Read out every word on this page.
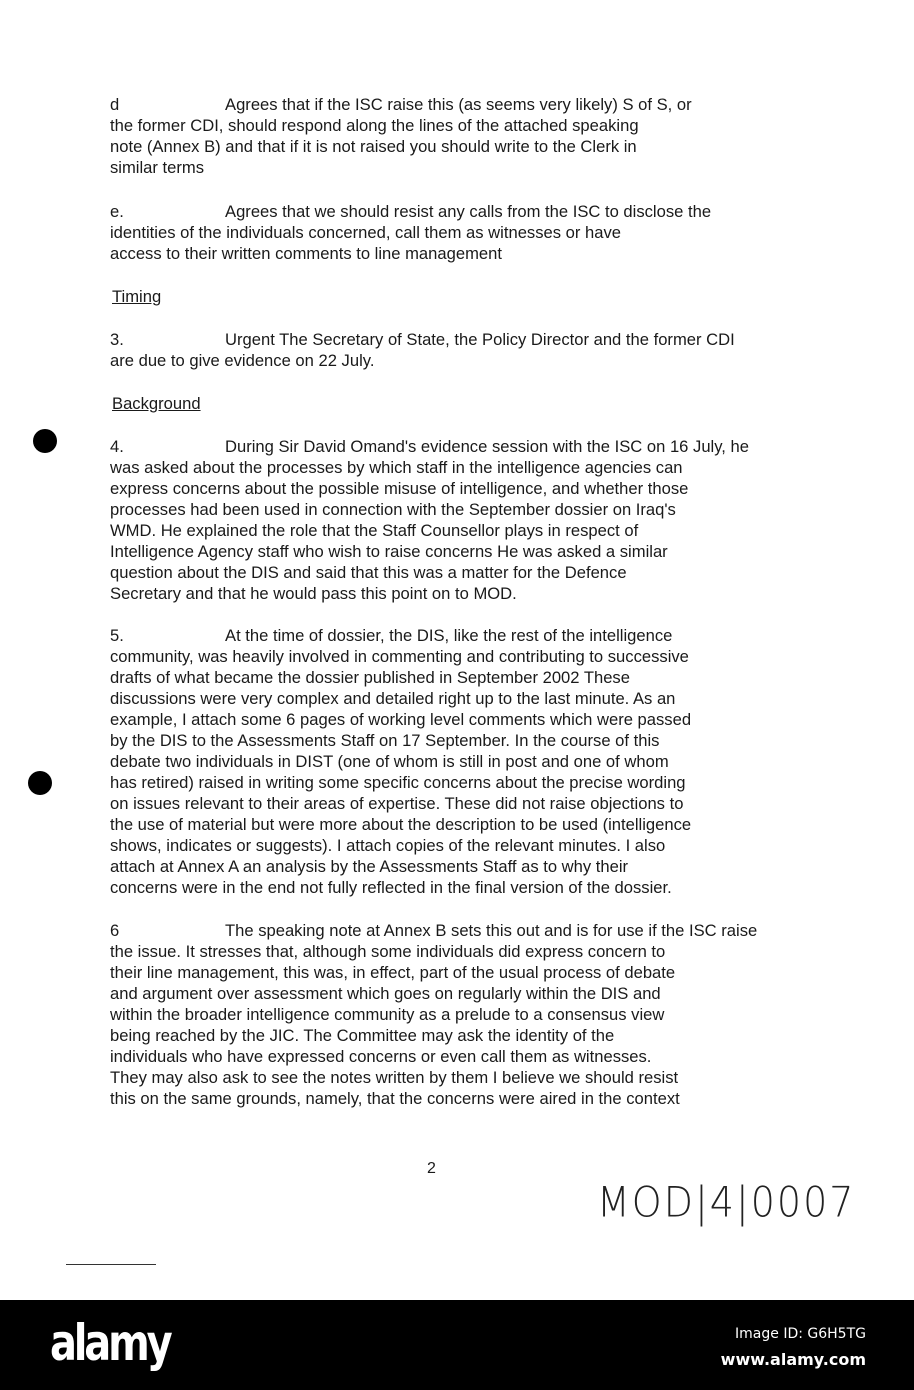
d	Agrees that if the ISC raise this (as seems very likely) S of S, or
the former CDI, should respond along the lines of the attached speaking
note (Annex B) and that if it is not raised you should write to the Clerk in
similar terms
e.	Agrees that we should resist any calls from the ISC to disclose the
identities of the individuals concerned, call them as witnesses or have
access to their written comments to line management
Timing
3.	Urgent The Secretary of State, the Policy Director and the former CDI
are due to give evidence on 22 July.
Background
4.	During Sir David Omand's evidence session with the ISC on 16 July, he
was asked about the processes by which staff in the intelligence agencies can
express concerns about the possible misuse of intelligence, and whether those
processes had been used in connection with the September dossier on Iraq's
WMD. He explained the role that the Staff Counsellor plays in respect of
Intelligence Agency staff who wish to raise concerns He was asked a similar
question about the DIS and said that this was a matter for the Defence
Secretary and that he would pass this point on to MOD.
5.	At the time of dossier, the DIS, like the rest of the intelligence
community, was heavily involved in commenting and contributing to successive
drafts of what became the dossier published in September 2002 These
discussions were very complex and detailed right up to the last minute. As an
example, I attach some 6 pages of working level comments which were passed
by the DIS to the Assessments Staff on 17 September. In the course of this
debate two individuals in DIST (one of whom is still in post and one of whom
has retired) raised in writing some specific concerns about the precise wording
on issues relevant to their areas of expertise. These did not raise objections to
the use of material but were more about the description to be used (intelligence
shows, indicates or suggests). I attach copies of the relevant minutes. I also
attach at Annex A an analysis by the Assessments Staff as to why their
concerns were in the end not fully reflected in the final version of the dossier.
6	The speaking note at Annex B sets this out and is for use if the ISC raise
the issue. It stresses that, although some individuals did express concern to
their line management, this was, in effect, part of the usual process of debate
and argument over assessment which goes on regularly within the DIS and
within the broader intelligence community as a prelude to a consensus view
being reached by the JIC. The Committee may ask the identity of the
individuals who have expressed concerns or even call them as witnesses.
They may also ask to see the notes written by them I believe we should resist
this on the same grounds, namely, that the concerns were aired in the context
2
MOD|4|0007
alamy	Image ID: G6H5TG
www.alamy.com
